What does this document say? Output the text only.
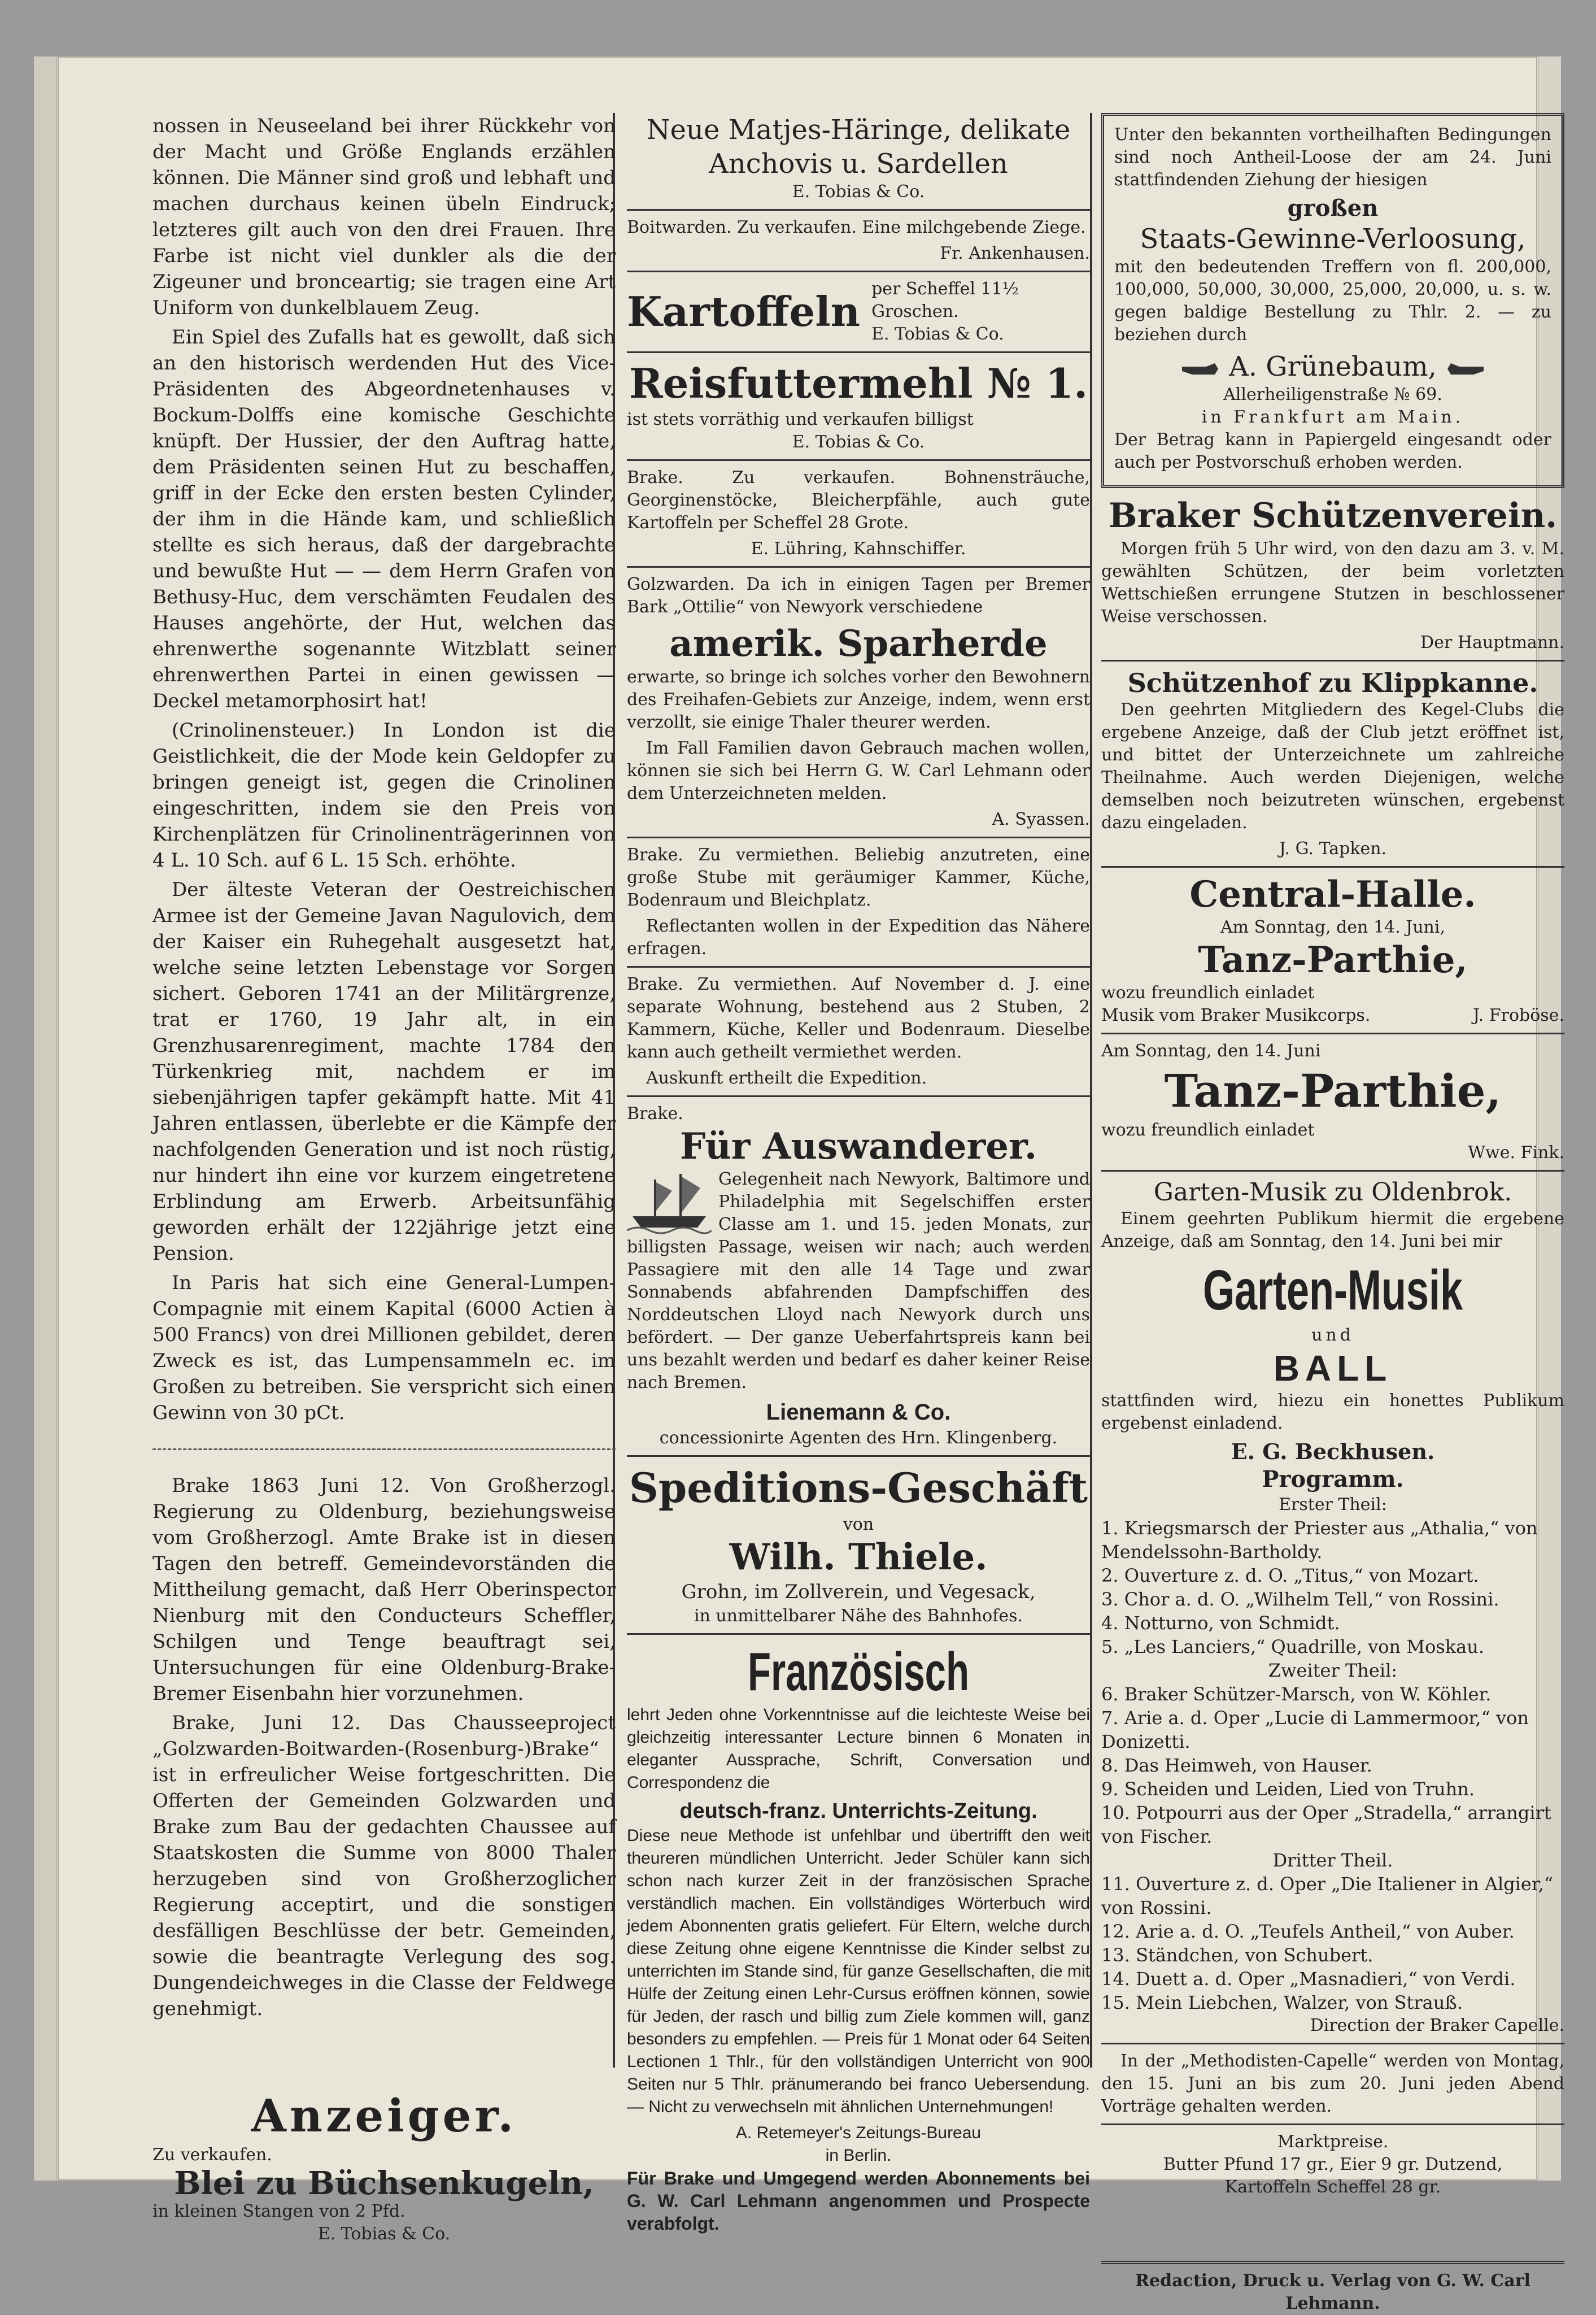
nossen in Neuseeland bei ihrer Rückkehr von der Macht und Größe Englands erzählen können. Die Männer sind groß und lebhaft und machen durchaus keinen übeln Eindruck; letzteres gilt auch von den drei Frauen. Ihre Farbe ist nicht viel dunkler als die der Zigeuner und bronceartig; sie tragen eine Art Uniform von dunkelblauem Zeug.

Ein Spiel des Zufalls hat es gewollt, daß sich an den historisch werdenden Hut des Vice-Präsidenten des Abgeordnetenhauses v. Bockum-Dolffs eine komische Geschichte knüpft. Der Hussier, der den Auftrag hatte, dem Präsidenten seinen Hut zu beschaffen, griff in der Ecke den ersten besten Cylinder, der ihm in die Hände kam, und schließlich stellte es sich heraus, daß der dargebrachte und bewußte Hut — — dem Herrn Grafen von Bethusy-Huc, dem verschämten Feudalen des Hauses angehörte, der Hut, welchen das ehrenwerthe sogenannte Witzblatt seiner ehrenwerthen Partei in einen gewissen — Deckel metamorphosirt hat!

(Crinolinensteuer.) In London ist die Geistlichkeit, die der Mode kein Geldopfer zu bringen geneigt ist, gegen die Crinolinen eingeschritten, indem sie den Preis von Kirchenplätzen für Crinolinenträgerinnen von 4 L. 10 Sch. auf 6 L. 15 Sch. erhöhte.

Der älteste Veteran der Oestreichischen Armee ist der Gemeine Javan Nagulovich, dem der Kaiser ein Ruhegehalt ausgesetzt hat, welche seine letzten Lebenstage vor Sorgen sichert. Geboren 1741 an der Militärgrenze, trat er 1760, 19 Jahr alt, in ein Grenzhusarenregiment, machte 1784 den Türkenkrieg mit, nachdem er im siebenjährigen tapfer gekämpft hatte. Mit 41 Jahren entlassen, überlebte er die Kämpfe der nachfolgenden Generation und ist noch rüstig, nur hindert ihn eine vor kurzem eingetretene Erblindung am Erwerb. Arbeitsunfähig geworden erhält der 122jährige jetzt eine Pension.

In Paris hat sich eine General-Lumpen-Compagnie mit einem Kapital (6000 Actien à 500 Francs) von drei Millionen gebildet, deren Zweck es ist, das Lumpensammeln ec. im Großen zu betreiben. Sie verspricht sich einen Gewinn von 30 pCt.

Brake 1863 Juni 12. Von Großherzogl. Regierung zu Oldenburg, beziehungsweise vom Großherzogl. Amte Brake ist in diesen Tagen den betreff. Gemeindevorständen die Mittheilung gemacht, daß Herr Oberinspector Nienburg mit den Conducteurs Scheffler, Schilgen und Tenge beauftragt sei, Untersuchungen für eine Oldenburg-Brake-Bremer Eisenbahn hier vorzunehmen.

Brake, Juni 12. Das Chausseeproject „Golzwarden-Boitwarden-(Rosenburg-)Brake“ ist in erfreulicher Weise fortgeschritten. Die Offerten der Gemeinden Golzwarden und Brake zum Bau der gedachten Chaussee auf Staatskosten die Summe von 8000 Thaler herzugeben sind von Großherzoglicher Regierung acceptirt, und die sonstigen desfälligen Beschlüsse der betr. Gemeinden, sowie die beantragte Verlegung des sog. Dungendeichweges in die Classe der Feldwege genehmigt.

Anzeiger.
Zu verkaufen.
Blei zu Büchsenkugeln,
in kleinen Stangen von 2 Pfd.
E. Tobias & Co.
Neue Matjes-Häringe, delikate
Anchovis u. Sardellen
E. Tobias & Co.

Boitwarden. Zu verkaufen. Eine milchgebende Ziege.

Fr. Ankenhausen.
Kartoffeln per Scheffel 11½ Groschen.
E. Tobias & Co.
Reisfuttermehl № 1.
ist stets vorräthig und verkaufen billigst
E. Tobias & Co.

Brake. Zu verkaufen. Bohnensträuche, Georginenstöcke, Bleicherpfähle, auch gute Kartoffeln per Scheffel 28 Grote.

E. Lühring, Kahnschiffer.

Golzwarden. Da ich in einigen Tagen per Bremer Bark „Ottilie“ von Newyork verschiedene

amerik. Sparherde

erwarte, so bringe ich solches vorher den Bewohnern des Freihafen-Gebiets zur Anzeige, indem, wenn erst verzollt, sie einige Thaler theurer werden.

Im Fall Familien davon Gebrauch machen wollen, können sie sich bei Herrn G. W. Carl Lehmann oder dem Unterzeichneten melden.

A. Syassen.

Brake. Zu vermiethen. Beliebig anzutreten, eine große Stube mit geräumiger Kammer, Küche, Bodenraum und Bleichplatz.

Reflectanten wollen in der Expedition das Nähere erfragen.

Brake. Zu vermiethen. Auf November d. J. eine separate Wohnung, bestehend aus 2 Stuben, 2 Kammern, Küche, Keller und Bodenraum. Dieselbe kann auch getheilt vermiethet werden.

Auskunft ertheilt die Expedition.

Brake.
Für Auswanderer.

Gelegenheit nach Newyork, Baltimore und Philadelphia mit Segelschiffen erster Classe am 1. und 15. jeden Monats, zur billigsten Passage, weisen wir nach; auch werden Passagiere mit den alle 14 Tage und zwar Sonnabends abfahrenden Dampfschiffen des Norddeutschen Lloyd nach Newyork durch uns befördert. — Der ganze Ueberfahrtspreis kann bei uns bezahlt werden und bedarf es daher keiner Reise nach Bremen.

Lienemann & Co.
concessionirte Agenten des Hrn. Klingenberg.
Speditions-Geschäft
von
Wilh. Thiele.
Grohn, im Zollverein, und Vegesack,
in unmittelbarer Nähe des Bahnhofes.
Französisch

lehrt Jeden ohne Vorkenntnisse auf die leichteste Weise bei gleichzeitig interessanter Lecture binnen 6 Monaten in eleganter Aussprache, Schrift, Conversation und Correspondenz die

deutsch-franz. Unterrichts-Zeitung.

Diese neue Methode ist unfehlbar und übertrifft den weit theureren mündlichen Unterricht. Jeder Schüler kann sich schon nach kurzer Zeit in der französischen Sprache verständlich machen. Ein vollständiges Wörterbuch wird jedem Abonnenten gratis geliefert. Für Eltern, welche durch diese Zeitung ohne eigene Kenntnisse die Kinder selbst zu unterrichten im Stande sind, für ganze Gesellschaften, die mit Hülfe der Zeitung einen Lehr-Cursus eröffnen können, sowie für Jeden, der rasch und billig zum Ziele kommen will, ganz besonders zu empfehlen. — Preis für 1 Monat oder 64 Seiten Lectionen 1 Thlr., für den vollständigen Unterricht von 900 Seiten nur 5 Thlr. pränumerando bei franco Uebersendung. — Nicht zu verwechseln mit ähnlichen Unternehmungen!

A. Retemeyer's Zeitungs-Bureau
in Berlin.

Für Brake und Umgegend werden Abonnements bei G. W. Carl Lehmann angenommen und Prospecte verabfolgt.

Unter den bekannten vortheilhaften Bedingungen sind noch Antheil-Loose der am 24. Juni stattfindenden Ziehung der hiesigen

großen
Staats-Gewinne-Verloosung,

mit den bedeutenden Treffern von fl. 200,000, 100,000, 50,000, 30,000, 25,000, 20,000, u. s. w. gegen baldige Bestellung zu Thlr. 2. — zu beziehen durch

A. Grünebaum,
Allerheiligenstraße № 69.
in Frankfurt am Main.

Der Betrag kann in Papiergeld eingesandt oder auch per Postvorschuß erhoben werden.

Braker Schützenverein.

Morgen früh 5 Uhr wird, von den dazu am 3. v. M. gewählten Schützen, der beim vorletzten Wettschießen errungene Stutzen in beschlossener Weise verschossen.

Der Hauptmann.
Schützenhof zu Klippkanne.

Den geehrten Mitgliedern des Kegel-Clubs die ergebene Anzeige, daß der Club jetzt eröffnet ist, und bittet der Unterzeichnete um zahlreiche Theilnahme. Auch werden Diejenigen, welche demselben noch beizutreten wünschen, ergebenst dazu eingeladen.

J. G. Tapken.
Central-Halle.
Am Sonntag, den 14. Juni,
Tanz-Parthie,
wozu freundlich einladet
Musik vom Braker Musikcorps.	J. Froböse.
Am Sonntag, den 14. Juni
Tanz-Parthie,
wozu freundlich einladet
Wwe. Fink.
Garten-Musik zu Oldenbrok.

Einem geehrten Publikum hiermit die ergebene Anzeige, daß am Sonntag, den 14. Juni bei mir

Garten-Musik
und
BALL

stattfinden wird, hiezu ein honettes Publikum ergebenst einladend.

E. G. Beckhusen.
Programm.
Erster Theil:
1. Kriegsmarsch der Priester aus „Athalia,“ von Mendelssohn-Bartholdy.
2. Ouverture z. d. O. „Titus,“ von Mozart.
3. Chor a. d. O. „Wilhelm Tell,“ von Rossini.
4. Notturno, von Schmidt.
5. „Les Lanciers,“ Quadrille, von Moskau.
Zweiter Theil:
6. Braker Schützer-Marsch, von W. Köhler.
7. Arie a. d. Oper „Lucie di Lammermoor,“ von Donizetti.
8. Das Heimweh, von Hauser.
9. Scheiden und Leiden, Lied von Truhn.
10. Potpourri aus der Oper „Stradella,“ arrangirt von Fischer.
Dritter Theil.
11. Ouverture z. d. Oper „Die Italiener in Algier,“ von Rossini.
12. Arie a. d. O. „Teufels Antheil,“ von Auber.
13. Ständchen, von Schubert.
14. Duett a. d. Oper „Masnadieri,“ von Verdi.
15. Mein Liebchen, Walzer, von Strauß.
Direction der Braker Capelle.

In der „Methodisten-Capelle“ werden von Montag, den 15. Juni an bis zum 20. Juni jeden Abend Vorträge gehalten werden.

Marktpreise.
Butter Pfund 17 gr., Eier 9 gr. Dutzend,
Kartoffeln Scheffel 28 gr.
Redaction, Druck u. Verlag von G. W. Carl Lehmann.
